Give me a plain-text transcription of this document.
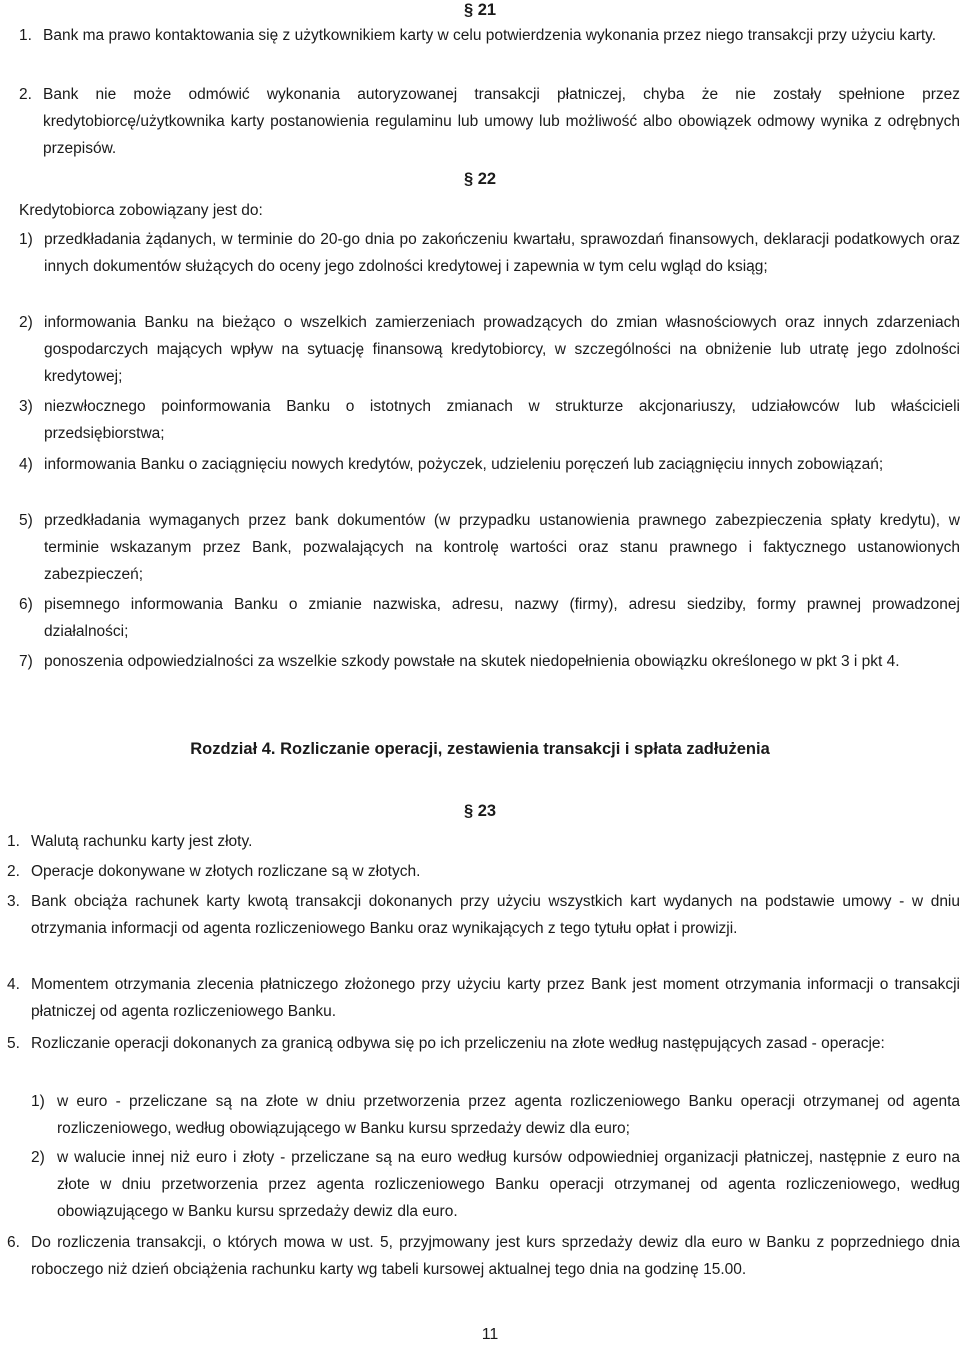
§ 21
1. Bank ma prawo kontaktowania się z użytkownikiem karty w celu potwierdzenia wykonania przez niego transakcji przy użyciu karty.
2. Bank nie może odmówić wykonania autoryzowanej transakcji płatniczej, chyba że nie zostały spełnione przez kredytobiorcę/użytkownika karty postanowienia regulaminu lub umowy lub możliwość albo obowiązek odmowy wynika z odrębnych przepisów.
§ 22
Kredytobiorca zobowiązany jest do:
1) przedkładania żądanych, w terminie do 20-go dnia po zakończeniu kwartału, sprawozdań finansowych, deklaracji podatkowych oraz innych dokumentów służących do oceny jego zdolności kredytowej i zapewnia w tym celu wgląd do ksiąg;
2) informowania Banku na bieżąco o wszelkich zamierzeniach prowadzących do zmian własnościowych oraz innych zdarzeniach gospodarczych mających wpływ na sytuację finansową kredytobiorcy, w szczególności na obniżenie lub utratę jego zdolności kredytowej;
3) niezwłocznego poinformowania Banku o istotnych zmianach w strukturze akcjonariuszy, udziałowców lub właścicieli przedsiębiorstwa;
4) informowania Banku o zaciągnięciu nowych kredytów, pożyczek, udzieleniu poręczeń lub zaciągnięciu innych zobowiązań;
5) przedkładania wymaganych przez bank dokumentów (w przypadku ustanowienia prawnego zabezpieczenia spłaty kredytu), w terminie wskazanym przez Bank, pozwalających na kontrolę wartości oraz stanu prawnego i faktycznego ustanowionych zabezpieczeń;
6) pisemnego informowania Banku o zmianie nazwiska, adresu, nazwy (firmy), adresu siedziby, formy prawnej prowadzonej działalności;
7) ponoszenia odpowiedzialności za wszelkie szkody powstałe na skutek niedopełnienia obowiązku określonego w pkt 3 i pkt 4.
Rozdział 4. Rozliczanie operacji, zestawienia transakcji i spłata zadłużenia
§ 23
1. Walutą rachunku karty jest złoty.
2. Operacje dokonywane w złotych rozliczane są w złotych.
3. Bank obciąża rachunek karty kwotą transakcji dokonanych przy użyciu wszystkich kart wydanych na podstawie umowy - w dniu otrzymania informacji od agenta rozliczeniowego Banku oraz wynikających z tego tytułu opłat i prowizji.
4. Momentem otrzymania zlecenia płatniczego złożonego przy użyciu karty przez Bank jest moment otrzymania informacji o transakcji płatniczej od agenta rozliczeniowego Banku.
5. Rozliczanie operacji dokonanych za granicą odbywa się po ich przeliczeniu na złote według następujących zasad - operacje:
1) w euro - przeliczane są na złote w dniu przetworzenia przez agenta rozliczeniowego Banku operacji otrzymanej od agenta rozliczeniowego, według obowiązującego w Banku kursu sprzedaży dewiz dla euro;
2) w walucie innej niż euro i złoty - przeliczane są na euro według kursów odpowiedniej organizacji płatniczej, następnie z euro na złote w dniu przetworzenia przez agenta rozliczeniowego Banku operacji otrzymanej od agenta rozliczeniowego, według obowiązującego w Banku kursu sprzedaży dewiz dla euro.
6. Do rozliczenia transakcji, o których mowa w ust. 5, przyjmowany jest kurs sprzedaży dewiz dla euro w Banku z poprzedniego dnia roboczego niż dzień obciążenia rachunku karty wg tabeli kursowej aktualnej tego dnia na godzinę 15.00.
11
